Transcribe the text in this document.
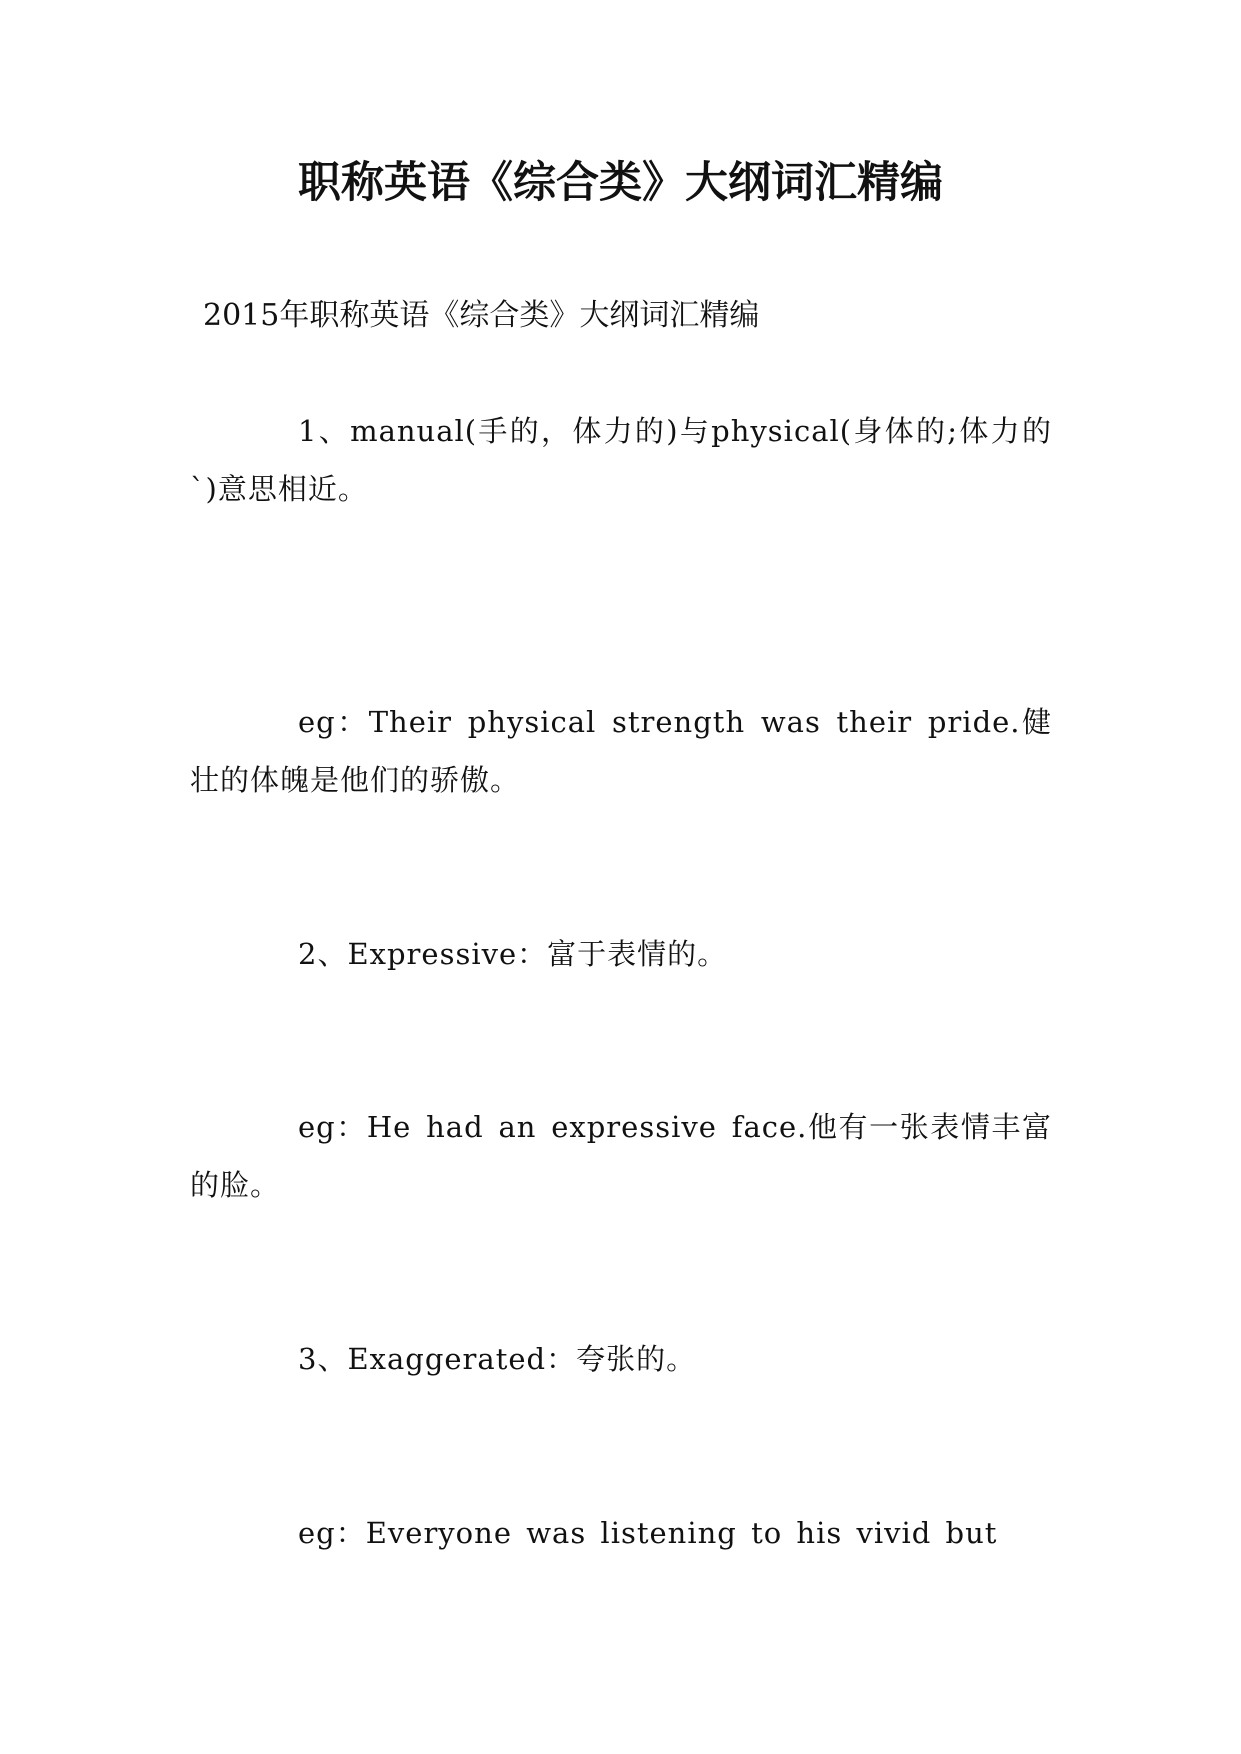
职称英语《综合类》大纲词汇精编
2015年职称英语《综合类》大纲词汇精编

1、manual(手的，体力的)与physical(身体的;体力的`)意思相近。

eg：Their physical strength was their pride.健壮的体魄是他们的骄傲。

2、Expressive：富于表情的。

eg：He had an expressive face.他有一张表情丰富的脸。

3、Exaggerated：夸张的。

eg：Everyone was listening to his vivid but
